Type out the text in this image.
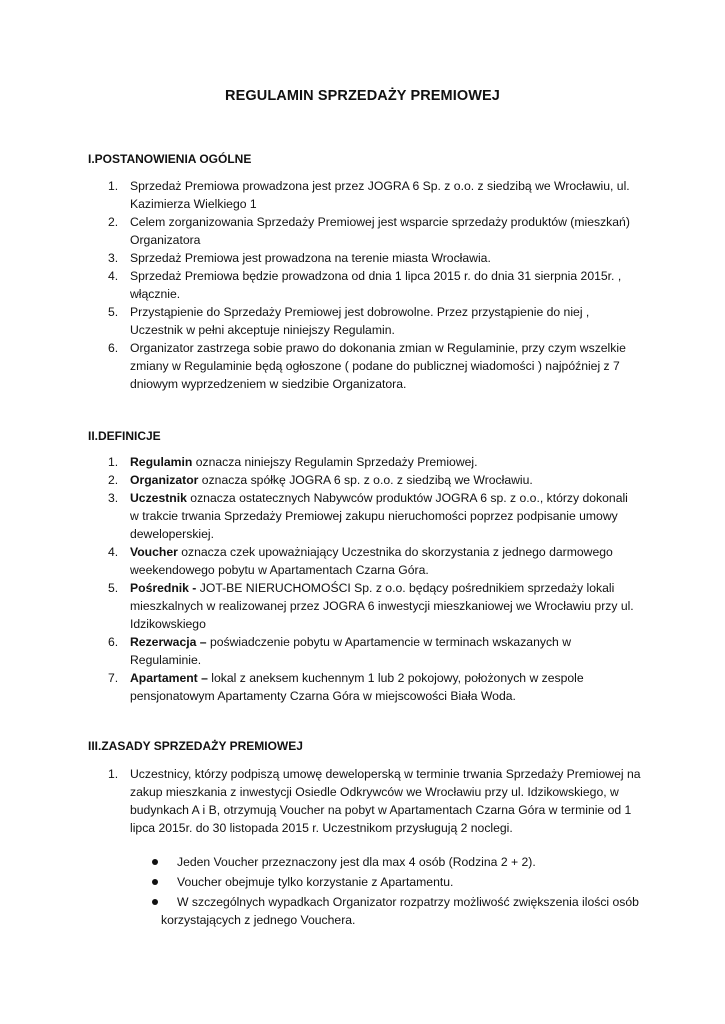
REGULAMIN SPRZEDAŻY PREMIOWEJ
I.POSTANOWIENIA OGÓLNE
1. Sprzedaż Premiowa prowadzona jest przez JOGRA 6 Sp. z o.o. z siedzibą we Wrocławiu, ul. Kazimierza Wielkiego 1
2. Celem zorganizowania Sprzedaży Premiowej jest wsparcie sprzedaży produktów (mieszkań) Organizatora
3. Sprzedaż Premiowa jest prowadzona na terenie miasta Wrocławia.
4. Sprzedaż Premiowa będzie prowadzona od dnia 1 lipca 2015 r. do dnia 31 sierpnia 2015r. , włącznie.
5. Przystąpienie do Sprzedaży Premiowej jest dobrowolne. Przez przystąpienie do niej , Uczestnik w pełni akceptuje niniejszy Regulamin.
6. Organizator zastrzega sobie prawo do dokonania zmian w Regulaminie, przy czym wszelkie zmiany w Regulaminie będą ogłoszone ( podane do publicznej wiadomości ) najpóźniej z 7 dniowym wyprzedzeniem w siedzibie Organizatora.
II.DEFINICJE
1. Regulamin oznacza niniejszy Regulamin Sprzedaży Premiowej.
2. Organizator oznacza spółkę JOGRA 6 sp. z o.o. z siedzibą we Wrocławiu.
3. Uczestnik oznacza ostatecznych Nabywców produktów JOGRA 6 sp. z o.o., którzy dokonali w trakcie trwania Sprzedaży Premiowej zakupu nieruchomości poprzez podpisanie umowy deweloperskiej.
4. Voucher oznacza czek upoważniający Uczestnika do skorzystania z jednego darmowego weekendowego pobytu w Apartamentach Czarna Góra.
5. Pośrednik - JOT-BE NIERUCHOMOŚCI Sp. z o.o. będący pośrednikiem sprzedaży lokali mieszkalnych w realizowanej przez JOGRA 6 inwestycji mieszkaniowej we Wrocławiu przy ul. Idzikowskiego
6. Rezerwacja – poświadczenie pobytu w Apartamencie w terminach wskazanych w Regulaminie.
7. Apartament – lokal z aneksem kuchennym 1 lub 2 pokojowy, położonych w zespole pensjonatowym Apartamenty Czarna Góra w miejscowości Biała Woda.
III.ZASADY SPRZEDAŻY PREMIOWEJ
1. Uczestnicy, którzy podpiszą umowę deweloperską w terminie trwania Sprzedaży Premiowej na zakup mieszkania z inwestycji Osiedle Odkrywców we Wrocławiu przy ul. Idzikowskiego, w budynkach A i B, otrzymują Voucher na pobyt w Apartamentach Czarna Góra w terminie od 1 lipca 2015r. do 30 listopada 2015 r. Uczestnikom przysługują 2 noclegi.
Jeden Voucher przeznaczony jest dla max 4 osób (Rodzina 2 + 2).
Voucher obejmuje tylko korzystanie z Apartamentu.
W szczególnych wypadkach Organizator rozpatrzy możliwość zwiększenia ilości osób
korzystających z jednego Vouchera.
